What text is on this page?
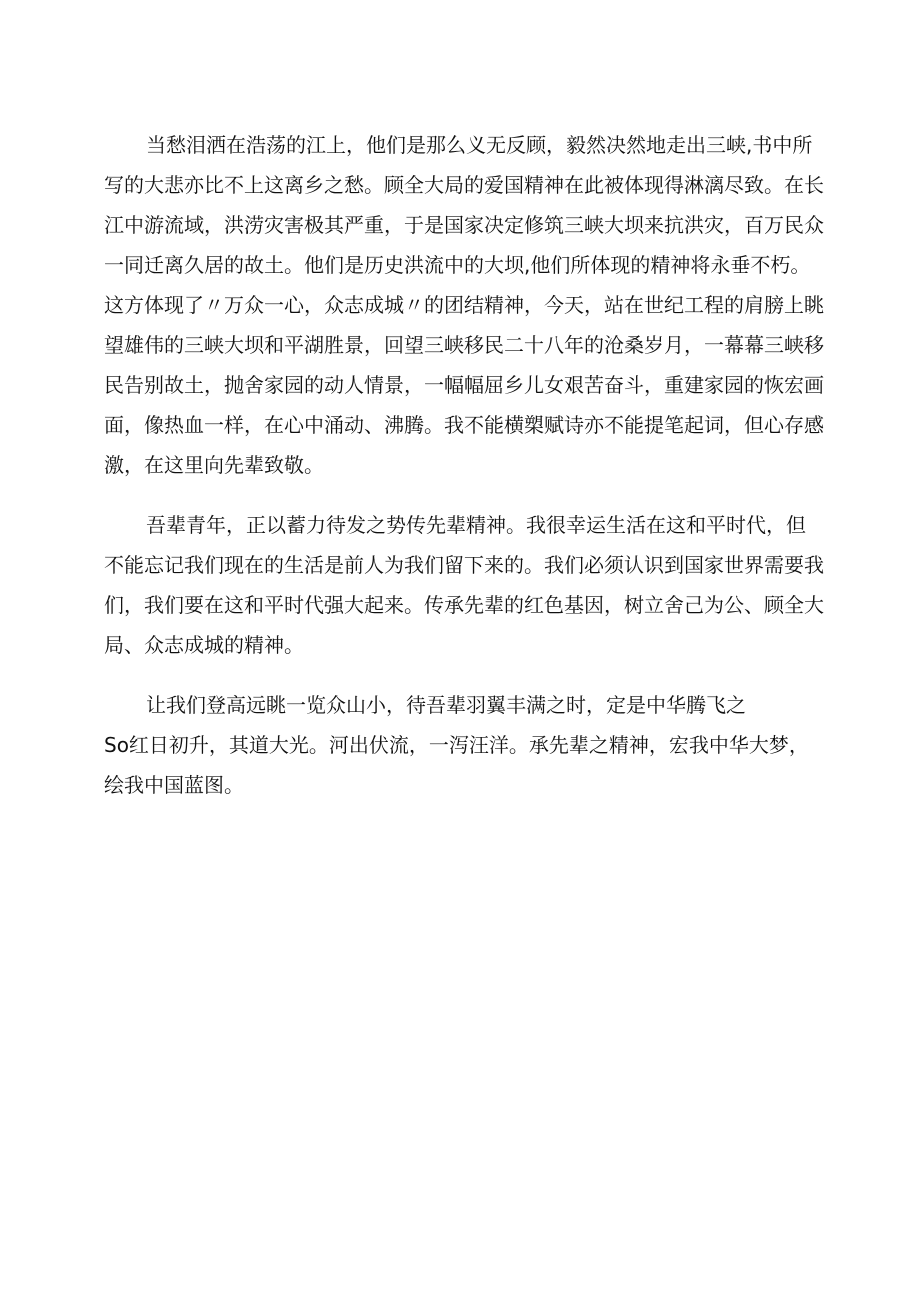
当愁泪洒在浩荡的江上，他们是那么义无反顾，毅然决然地走出三峡,书中所
写的大悲亦比不上这离乡之愁。顾全大局的爱国精神在此被体现得淋漓尽致。在长
江中游流域，洪涝灾害极其严重，于是国家决定修筑三峡大坝来抗洪灾，百万民众
一同迁离久居的故土。他们是历史洪流中的大坝,他们所体现的精神将永垂不朽。
这方体现了〃万众一心，众志成城〃的团结精神，今天，站在世纪工程的肩膀上眺
望雄伟的三峡大坝和平湖胜景，回望三峡移民二十八年的沧桑岁月，一幕幕三峡移
民告别故土，抛舍家园的动人情景，一幅幅屈乡儿女艰苦奋斗，重建家园的恢宏画
面，像热血一样，在心中涌动、沸腾。我不能横槊赋诗亦不能提笔起词，但心存感
激，在这里向先辈致敬。
吾辈青年，正以蓄力待发之势传先辈精神。我很幸运生活在这和平时代，但
不能忘记我们现在的生活是前人为我们留下来的。我们必须认识到国家世界需要我
们，我们要在这和平时代强大起来。传承先辈的红色基因，树立舍己为公、顾全大
局、众志成城的精神。
让我们登高远眺一览众山小，待吾辈羽翼丰满之时，定是中华腾飞之
So红日初升，其道大光。河出伏流，一泻汪洋。承先辈之精神，宏我中华大梦，
绘我中国蓝图。
